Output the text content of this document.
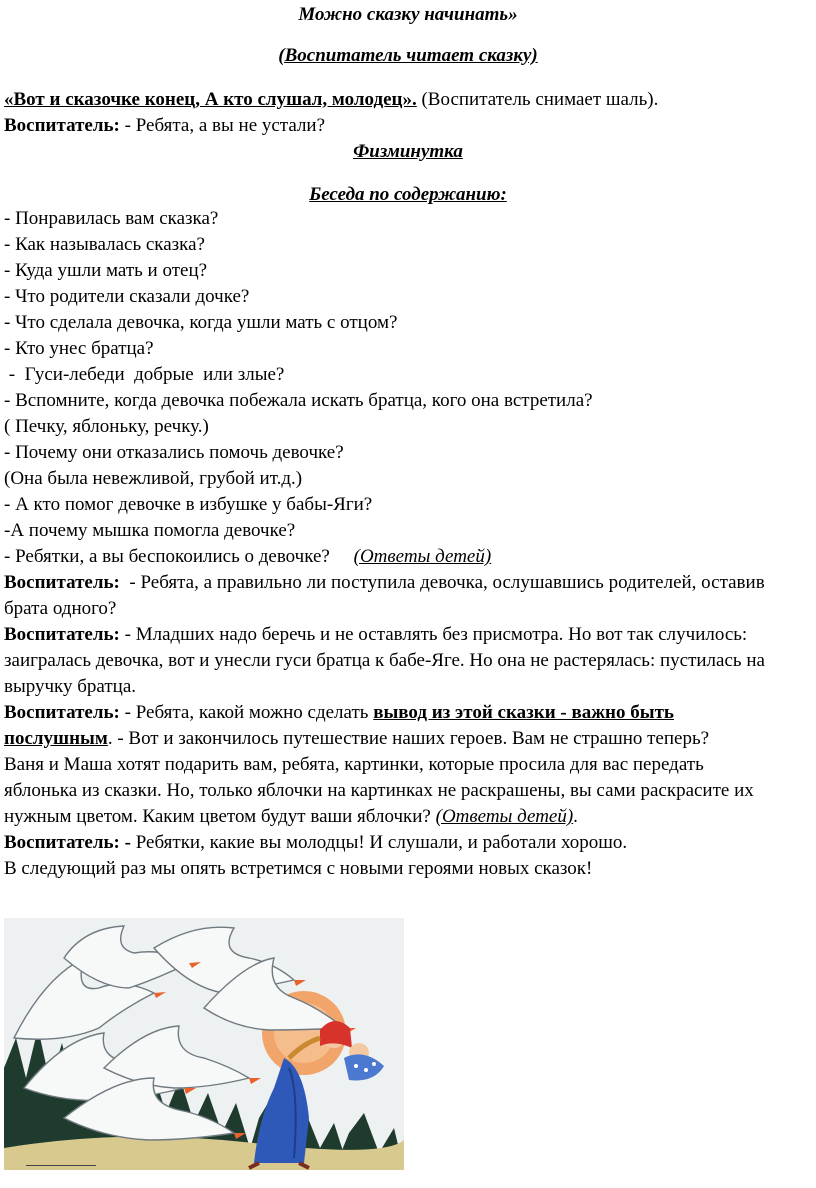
Можно сказку начинать»
(Воспитатель читает сказку)
«Вот и сказочке конец, А кто слушал, молодец». (Воспитатель снимает шаль).
Воспитатель: - Ребята, а вы не устали?
Физминутка
Беседа по содержанию:
- Понравилась вам сказка?
- Как называлась сказка?
- Куда ушли мать и отец?
- Что родители сказали дочке?
- Что сделала девочка, когда ушли мать с отцом?
- Кто унес братца?
-  Гуси-лебеди  добрые  или злые?
- Вспомните, когда девочка побежала искать братца, кого она встретила?
( Печку, яблоньку, речку.)
- Почему они отказались помочь девочке?
(Она была невежливой, грубой ит.д.)
- А кто помог девочке в избушке у бабы-Яги?
-А почему мышка помогла девочке?
- Ребятки, а вы беспокоились о девочке?     (Ответы детей)
Воспитатель:  - Ребята, а правильно ли поступила девочка, ослушавшись родителей, оставив
брата одного?
Воспитатель: - Младших надо беречь и не оставлять без присмотра. Но вот так случилось:
заигралась девочка, вот и унесли гуси братца к бабе-Яге. Но она не растерялась: пустилась на
выручку братца.
Воспитатель: - Ребята, какой можно сделать вывод из этой сказки - важно быть
послушным. - Вот и закончилось путешествие наших героев. Вам не страшно теперь?
Ваня и Маша хотят подарить вам, ребята, картинки, которые просила для вас передать
яблонька из сказки. Но, только яблочки на картинках не раскрашены, вы сами раскрасите их
нужным цветом. Каким цветом будут ваши яблочки? (Ответы детей).
Воспитатель: - Ребятки, какие вы молодцы! И слушали, и работали хорошо.
В следующий раз мы опять встретимся с новыми героями новых сказок!
